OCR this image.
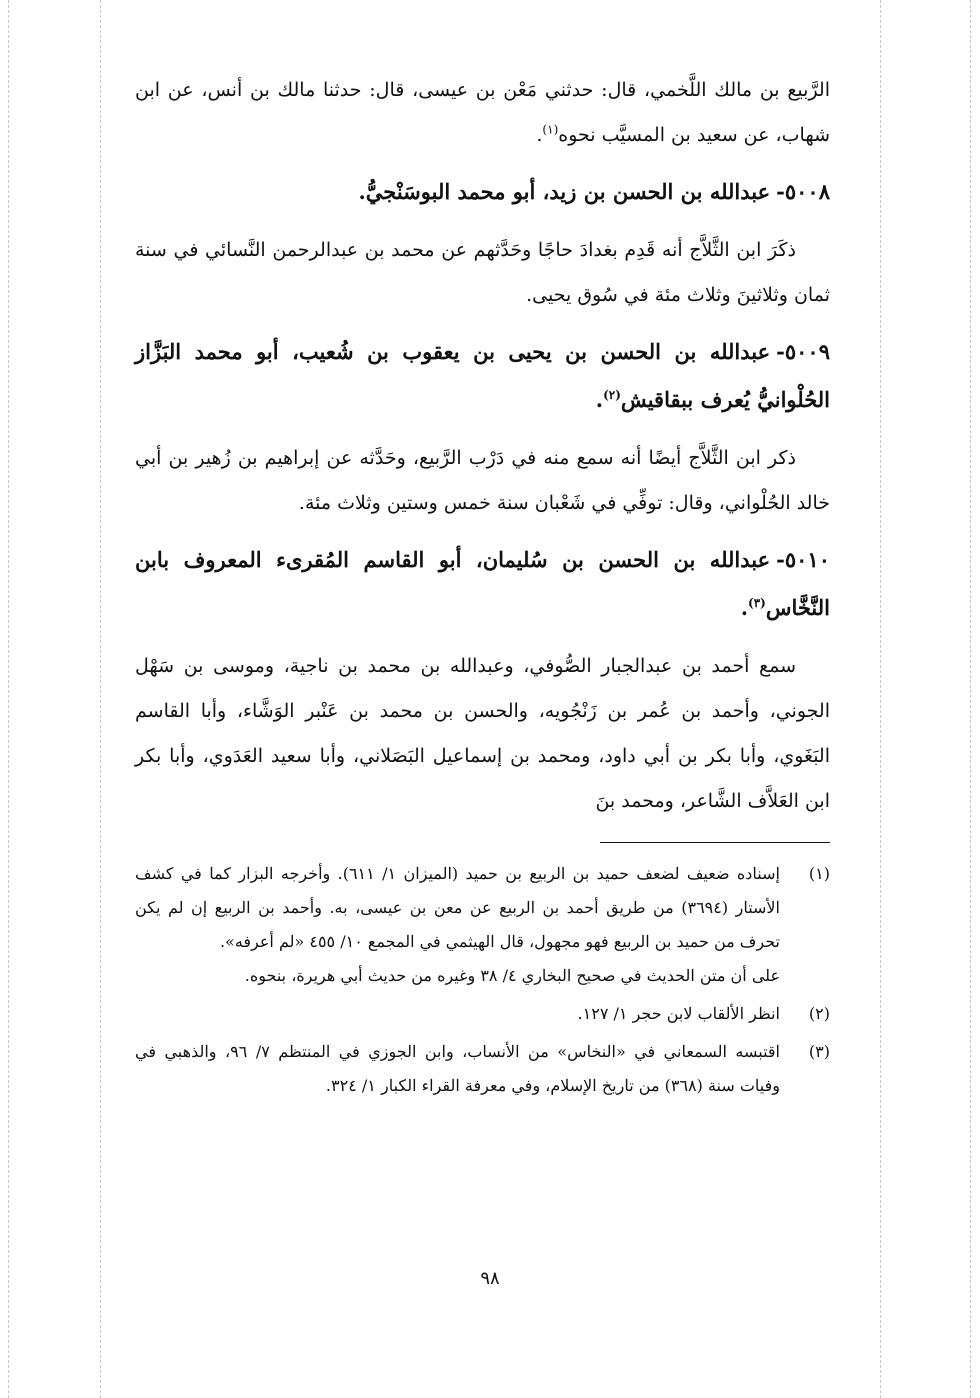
الرَّبيع بن مالك اللَّخمي، قال: حدثني مَعْن بن عيسى، قال: حدثنا مالك بن أنس، عن ابن شهاب، عن سعيد بن المسيَّب نحوه$^{(١)}$.

٥٠٠٨-عبدالله بن الحسن بن زيد، أبو محمد البوسَنْجيُّ.

ذكَرَ ابن الثَّلاَّج أنه قَدِم بغدادَ حاجًا وحَدَّثهم عن محمد بن عبدالرحمن النَّسائي في سنة ثمان وثلاثينَ وثلاث مئة في سُوق يحيى.

٥٠٠٩-عبدالله بن الحسن بن يحيى بن يعقوب بن شُعيب، أبو محمد البَزَّاز الحُلْوانيُّ يُعرف ببقاقيش$^{(٢)}$.

ذكر ابن الثَّلاَّج أيضًا أنه سمع منه في دَرْب الرَّبيع، وحَدَّثه عن إبراهيم بن زُهير بن أبي خالد الحُلْواني، وقال: توفِّي في شَعْبان سنة خمس وستين وثلاث مئة.

٥٠١٠-عبدالله بن الحسن بن سُليمان، أبو القاسم المُقرىء المعروف بابن النَّخَّاس$^{(٣)}$.

سمع أحمد بن عبدالجبار الصُّوفي، وعبدالله بن محمد بن ناجية، وموسى بن سَهْل الجوني، وأحمد بن عُمر بن زَنْجُويه، والحسن بن محمد بن عَنْبر الوَشَّاء، وأبا القاسم البَغَوي، وأبا بكر بن أبي داود، ومحمد بن إسماعيل البَصَلاني، وأبا سعيد العَدَوي، وأبا بكر ابن العَلاَّف الشَّاعر، ومحمد بنَ

(١)
إسناده ضعيف لضعف حميد بن الربيع بن حميد (الميزان ١/ ٦١١). وأخرجه البزار كما في كشف الأستار (٣٦٩٤) من طريق أحمد بن الربيع عن معن بن عيسى، به. وأحمد بن الربيع إن لم يكن تحرف من حميد بن الربيع فهو مجهول، قال الهيثمي في المجمع ١٠/ ٤٥٥ «لم أعرفه».
على أن متن الحديث في صحيح البخاري ٤/ ٣٨ وغيره من حديث أبي هريرة، بنحوه.
(٢)
انظر الألقاب لابن حجر ١/ ١٢٧.
(٣)
اقتبسه السمعاني في «النخاس» من الأنساب، وابن الجوزي في المنتظم ٧/ ٩٦، والذهبي في وفيات سنة (٣٦٨) من تاريخ الإسلام، وفي معرفة القراء الكبار ١/ ٣٢٤.
٩٨
